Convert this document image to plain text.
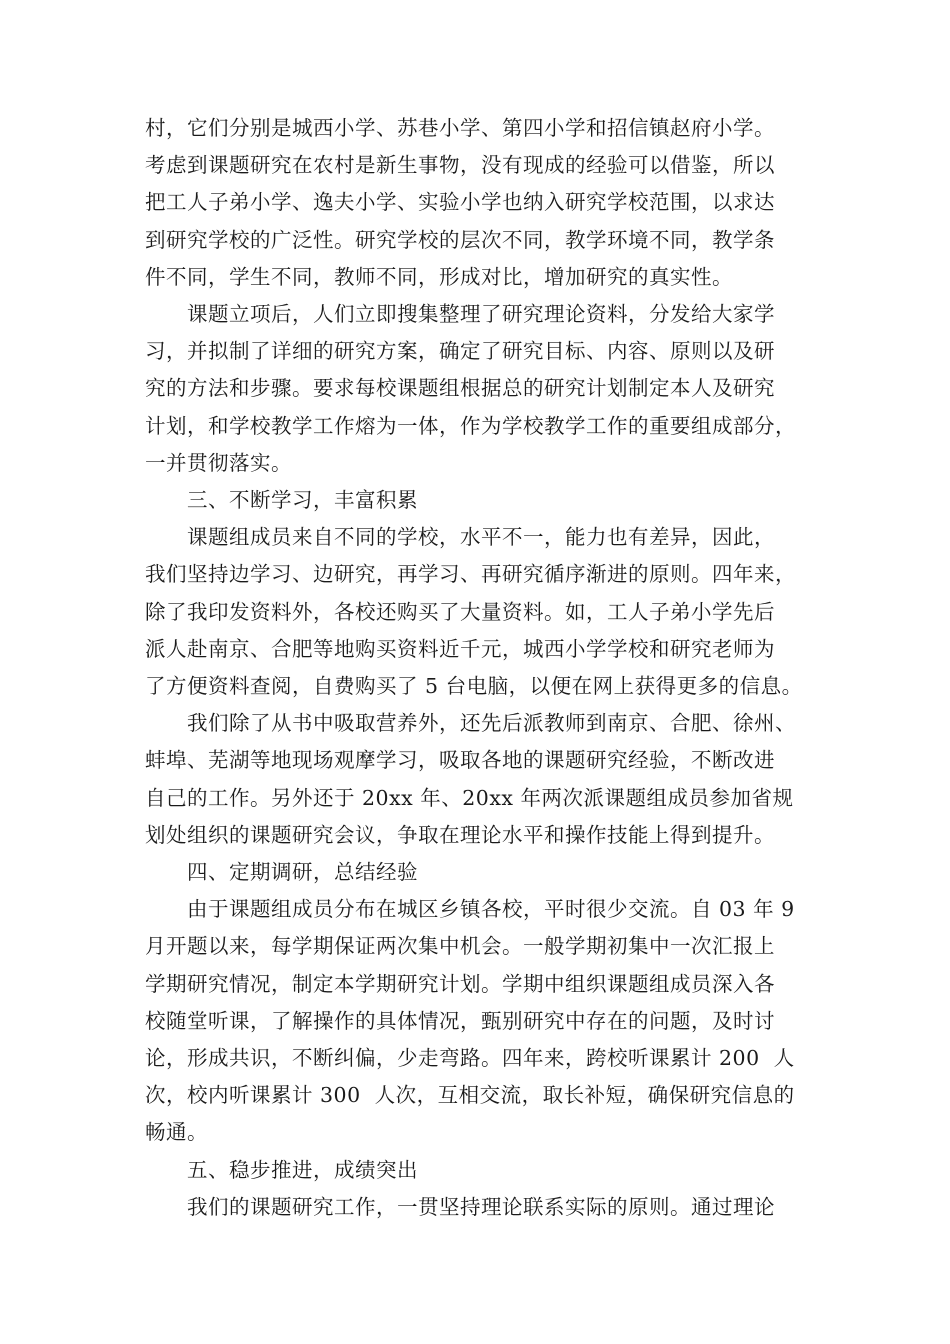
村，它们分别是城西小学、苏巷小学、第四小学和招信镇赵府小学。
考虑到课题研究在农村是新生事物，没有现成的经验可以借鉴，所以
把工人子弟小学、逸夫小学、实验小学也纳入研究学校范围，以求达
到研究学校的广泛性。研究学校的层次不同，教学环境不同，教学条
件不同，学生不同，教师不同，形成对比，增加研究的真实性。
课题立项后，人们立即搜集整理了研究理论资料，分发给大家学
习，并拟制了详细的研究方案，确定了研究目标、内容、原则以及研
究的方法和步骤。要求每校课题组根据总的研究计划制定本人及研究
计划，和学校教学工作熔为一体，作为学校教学工作的重要组成部分，
一并贯彻落实。
三、不断学习，丰富积累
课题组成员来自不同的学校，水平不一，能力也有差异，因此，
我们坚持边学习、边研究，再学习、再研究循序渐进的原则。四年来，
除了我印发资料外，各校还购买了大量资料。如，工人子弟小学先后
派人赴南京、合肥等地购买资料近千元，城西小学学校和研究老师为
了方便资料查阅，自费购买了 5 台电脑，以便在网上获得更多的信息。
我们除了从书中吸取营养外，还先后派教师到南京、合肥、徐州、
蚌埠、芜湖等地现场观摩学习，吸取各地的课题研究经验，不断改进
自己的工作。另外还于 20xx 年、20xx 年两次派课题组成员参加省规
划处组织的课题研究会议，争取在理论水平和操作技能上得到提升。
四、定期调研，总结经验
由于课题组成员分布在城区乡镇各校，平时很少交流。自 03 年 9
月开题以来，每学期保证两次集中机会。一般学期初集中一次汇报上
学期研究情况，制定本学期研究计划。学期中组织课题组成员深入各
校随堂听课，了解操作的具体情况，甄别研究中存在的问题，及时讨
论，形成共识，不断纠偏，少走弯路。四年来，跨校听课累计 200  人
次，校内听课累计 300  人次，互相交流，取长补短，确保研究信息的
畅通。
五、稳步推进，成绩突出
我们的课题研究工作，一贯坚持理论联系实际的原则。通过理论
